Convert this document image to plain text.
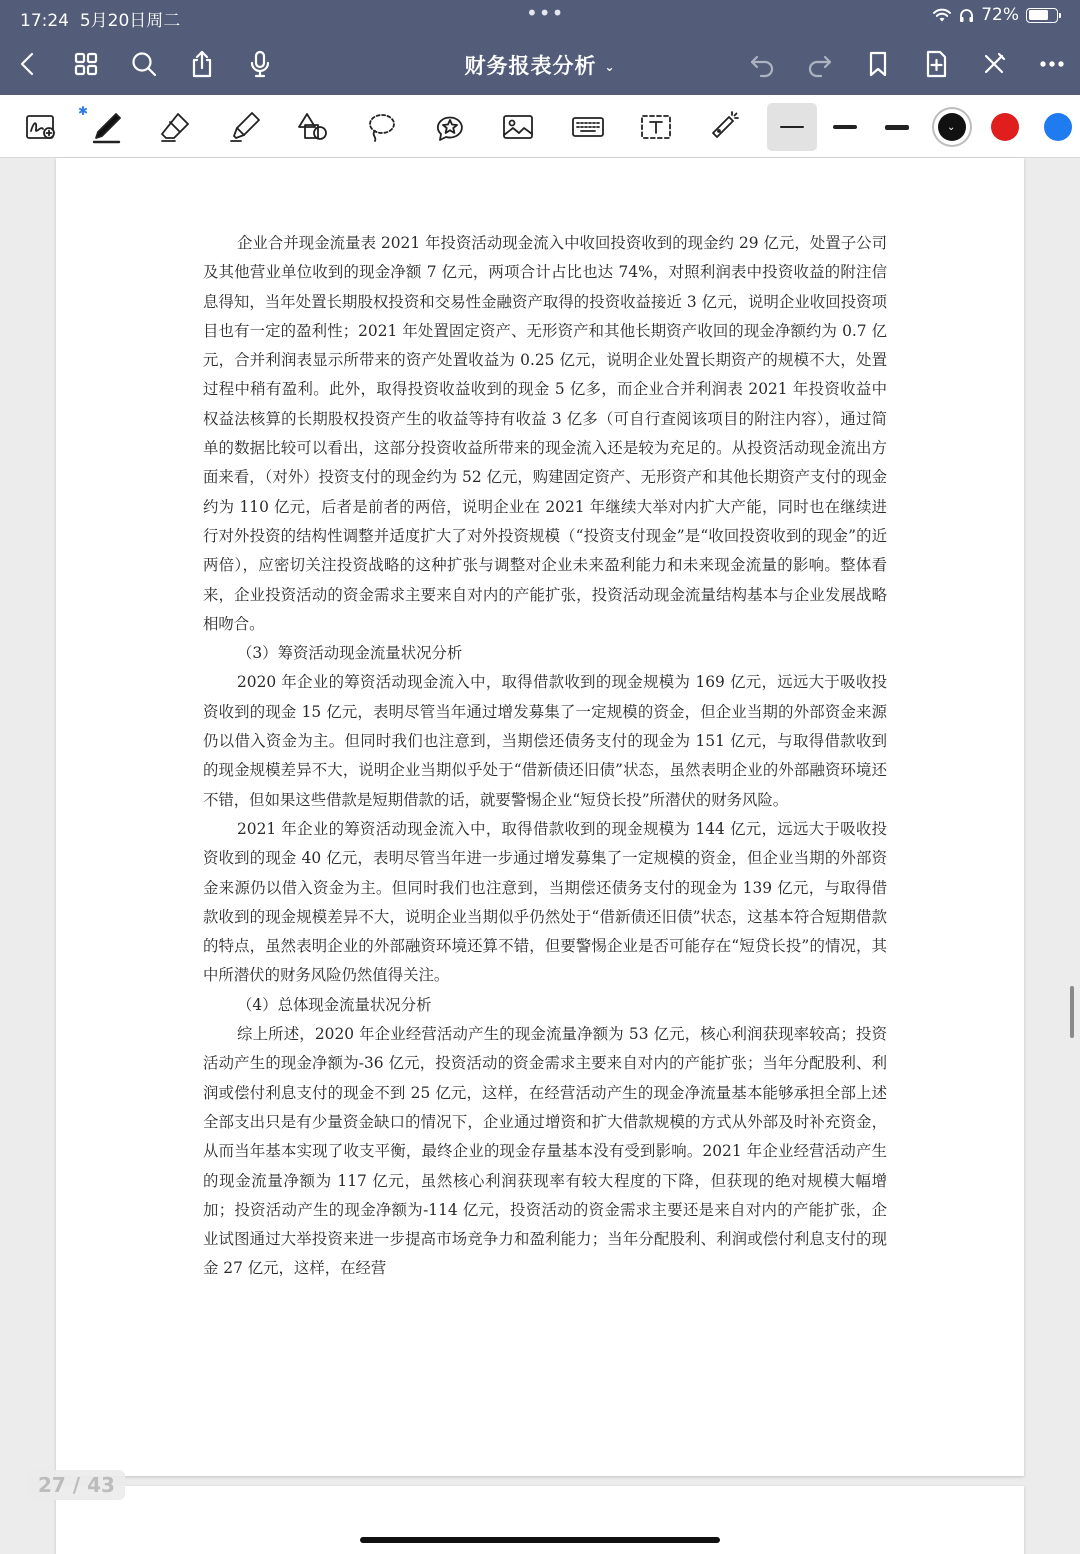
17:24 5月20日周二	•••	72%
财务报表分析 ⌄
✱
⌄

企业合并现金流量表 2021 年投资活动现金流入中收回投资收到的现金约 29 亿元，处置子公司及其他营业单位收到的现金净额 7 亿元，两项合计占比也达 74%，对照利润表中投资收益的附注信息得知，当年处置长期股权投资和交易性金融资产取得的投资收益接近 3 亿元，说明企业收回投资项目也有一定的盈利性；2021 年处置固定资产、无形资产和其他长期资产收回的现金净额约为 0.7 亿元，合并利润表显示所带来的资产处置收益为 0.25 亿元，说明企业处置长期资产的规模不大，处置过程中稍有盈利。此外，取得投资收益收到的现金 5 亿多，而企业合并利润表 2021 年投资收益中权益法核算的长期股权投资产生的收益等持有收益 3 亿多（可自行查阅该项目的附注内容），通过简单的数据比较可以看出，这部分投资收益所带来的现金流入还是较为充足的。从投资活动现金流出方面来看，（对外）投资支付的现金约为 52 亿元，购建固定资产、无形资产和其他长期资产支付的现金约为 110 亿元，后者是前者的两倍，说明企业在 2021 年继续大举对内扩大产能，同时也在继续进行对外投资的结构性调整并适度扩大了对外投资规模（“投资支付现金”是“收回投资收到的现金”的近两倍），应密切关注投资战略的这种扩张与调整对企业未来盈利能力和未来现金流量的影响。整体看来，企业投资活动的资金需求主要来自对内的产能扩张，投资活动现金流量结构基本与企业发展战略相吻合。

（3）筹资活动现金流量状况分析

2020 年企业的筹资活动现金流入中，取得借款收到的现金规模为 169 亿元，远远大于吸收投资收到的现金 15 亿元，表明尽管当年通过增发募集了一定规模的资金，但企业当期的外部资金来源仍以借入资金为主。但同时我们也注意到，当期偿还债务支付的现金为 151 亿元，与取得借款收到的现金规模差异不大，说明企业当期似乎处于“借新债还旧债”状态，虽然表明企业的外部融资环境还不错，但如果这些借款是短期借款的话，就要警惕企业“短贷长投”所潜伏的财务风险。

2021 年企业的筹资活动现金流入中，取得借款收到的现金规模为 144 亿元，远远大于吸收投资收到的现金 40 亿元，表明尽管当年进一步通过增发募集了一定规模的资金，但企业当期的外部资金来源仍以借入资金为主。但同时我们也注意到，当期偿还债务支付的现金为 139 亿元，与取得借款收到的现金规模差异不大，说明企业当期似乎仍然处于“借新债还旧债”状态，这基本符合短期借款的特点，虽然表明企业的外部融资环境还算不错，但要警惕企业是否可能存在“短贷长投”的情况，其中所潜伏的财务风险仍然值得关注。

（4）总体现金流量状况分析

综上所述，2020 年企业经营活动产生的现金流量净额为 53 亿元，核心利润获现率较高；投资活动产生的现金净额为-36 亿元，投资活动的资金需求主要来自对内的产能扩张；当年分配股利、利润或偿付利息支付的现金不到 25 亿元，这样，在经营活动产生的现金净流量基本能够承担全部上述全部支出只是有少量资金缺口的情况下，企业通过增资和扩大借款规模的方式从外部及时补充资金，从而当年基本实现了收支平衡，最终企业的现金存量基本没有受到影响。2021 年企业经营活动产生的现金流量净额为 117 亿元，虽然核心利润获现率有较大程度的下降，但获现的绝对规模大幅增加；投资活动产生的现金净额为-114 亿元，投资活动的资金需求主要还是来自对内的产能扩张，企业试图通过大举投资来进一步提高市场竞争力和盈利能力；当年分配股利、利润或偿付利息支付的现金 27 亿元，这样，在经营

27 / 43
